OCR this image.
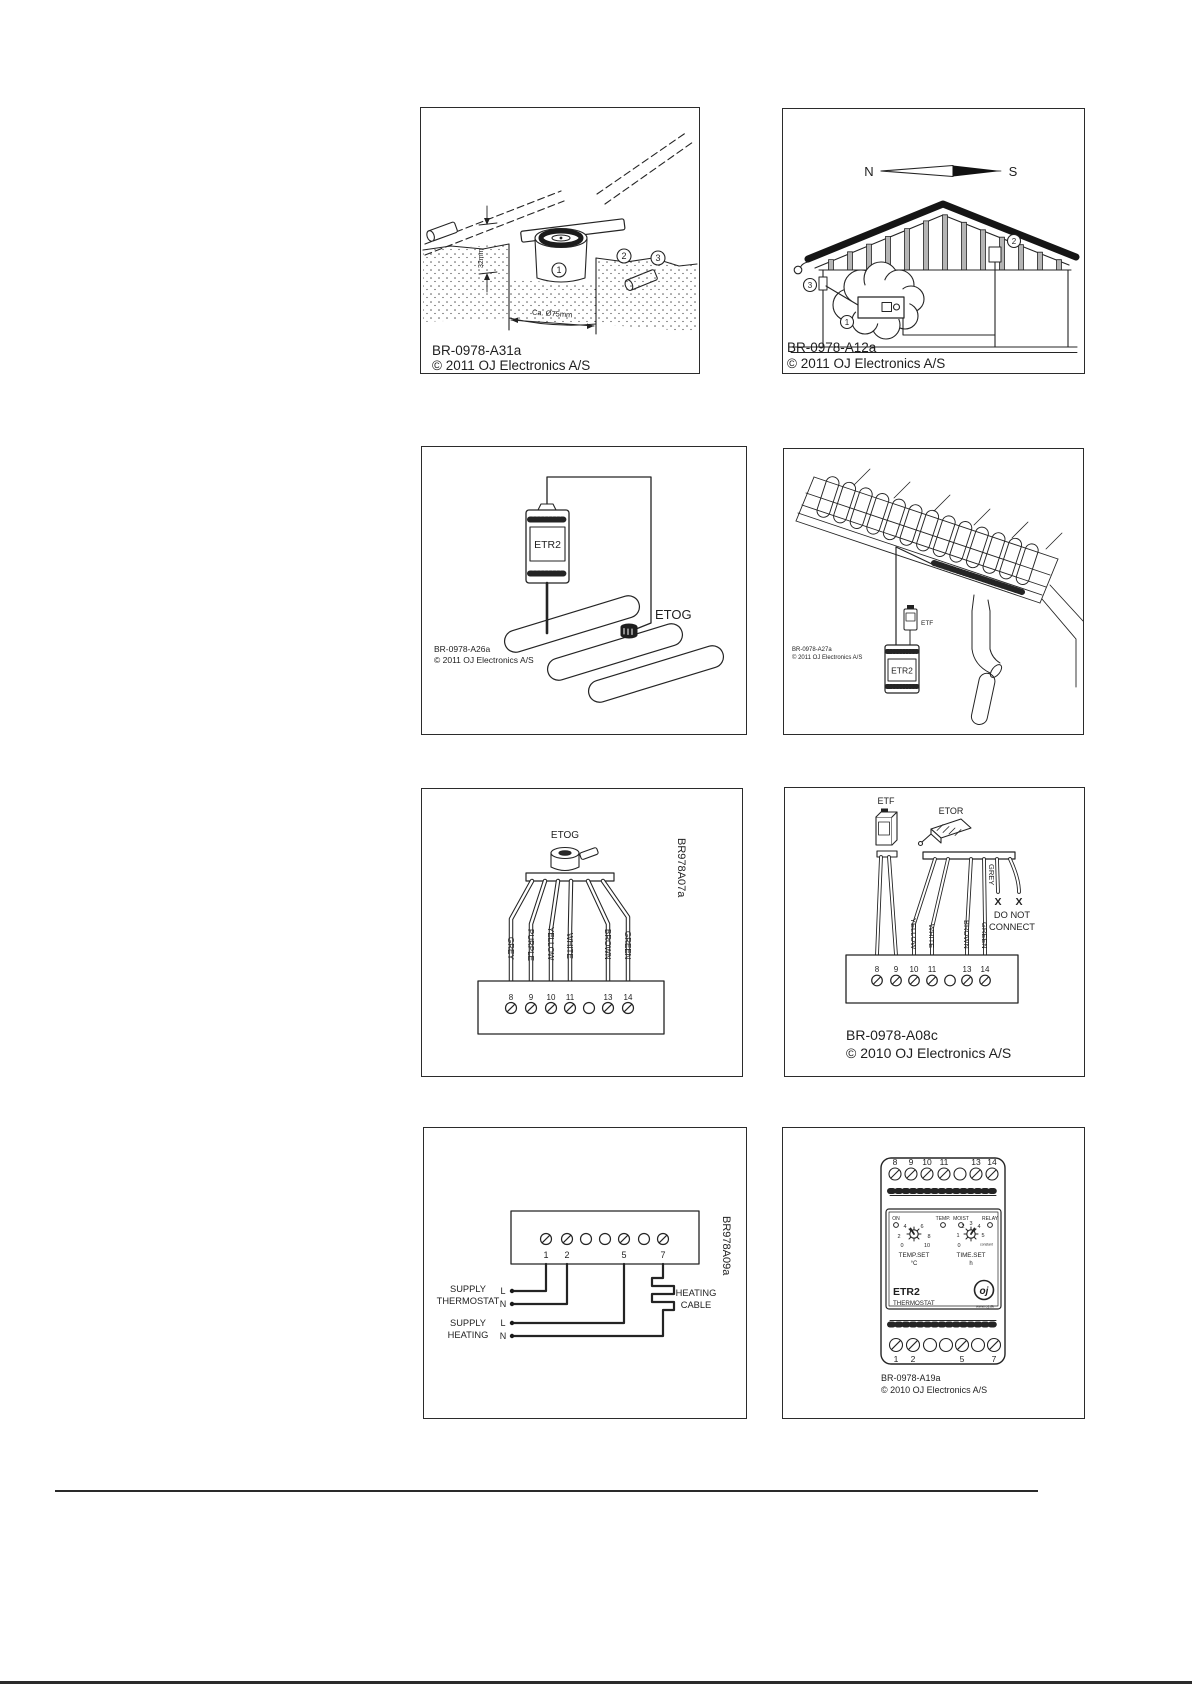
1
2	3
32mm
Ca. Ø75mm
BR-0978-A31a
© 2011 OJ Electronics A/S
N	S
1
2
3
BR-0978-A12a
© 2011 OJ Electronics A/S
ETR2
ETOG
BR-0978-A26a
© 2011 OJ Electronics A/S
ETF
ETR2
BR-0978-A27a
© 2011 OJ Electronics A/S
ETOG
GREY PURPLE YELLOW WHITE	BROWN GREEN
8 9 10 11	13 14
BR978A07a
ETF
ETOR
YELLOW WHITE	BROWN GREEN
GREY
X X
DO NOT
CONNECT
8 9 10 11	13 14
BR-0978-A08c
© 2010 OJ Electronics A/S
1 2	5	7
SUPPLY
THERMOSTAT
L
N
SUPPLY
HEATING
L
N
HEATING
CABLE
BR978A09a
8 9 10 11	13 14
ON	TEMP. MOIST	RELAY
0
2
4	6
8
10	0
1
2 3 4
5
constant
TEMP.SET
°C
TIME.SET
h
ETR2
THERMOSTAT
oj
www.oj.dk
1 2	5	7
BR-0978-A19a
© 2010 OJ Electronics A/S
